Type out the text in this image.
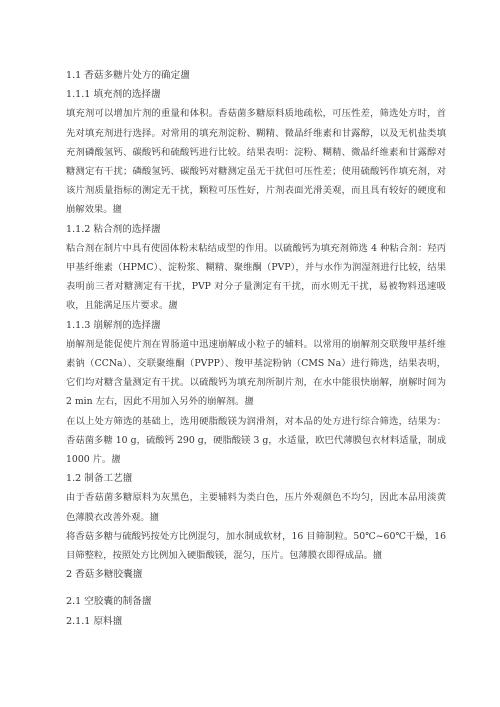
1.1 香菇多糖片处方的确定䀋

1.1.1 填充剂的选择䀋

填充剂可以增加片剂的重量和体积。香菇菌多糖原料质地疏松，可压性差，筛选处方时，首先对填充剂进行选择。对常用的填充剂淀粉、糊精、微晶纤维素和甘露醇，以及无机盐类填充剂磷酸氢钙、碳酸钙和硫酸钙进行比较。结果表明：淀粉、糊精、微晶纤维素和甘露醇对糖测定有干扰；磷酸氢钙、碳酸钙对糖测定虽无干扰但可压性差；使用硫酸钙作填充剂，对该片剂质量指标的测定无干扰，颗粒可压性好，片剂表面光滑美观，而且具有较好的硬度和崩解效果。䀋

1.1.2 粘合剂的选择䀋

粘合剂在制片中具有使固体粉末粘结成型的作用。以硫酸钙为填充剂筛选 4 种粘合剂：羟丙甲基纤维素（HPMC）、淀粉浆、糊精、聚维酮（PVP），并与水作为润湿剂进行比较，结果表明前三者对糖测定有干扰，PVP 对分子量测定有干扰，而水则无干扰，易被物料迅速吸收，且能满足压片要求。䀋

1.1.3 崩解剂的选择䀋

崩解剂是能促使片剂在胃肠道中迅速崩解成小粒子的辅料。以常用的崩解剂交联羧甲基纤维素钠（CCNa）、交联聚维酮（PVPP）、羧甲基淀粉钠（CMS Na）进行筛选，结果表明，它们均对糖含量测定有干扰。以硫酸钙为填充剂所制片剂，在水中能很快崩解，崩解时间为 2 min 左右，因此不用加入另外的崩解剂。䀋

在以上处方筛选的基础上，选用硬脂酸镁为润滑剂，对本品的处方进行综合筛选，结果为：香菇菌多糖 10 g，硫酸钙 290 g，硬脂酸镁 3 g，水适量，欧巴代薄膜包衣材料适量，制成 1000 片。䀋

1.2 制备工艺䀋

由于香菇菌多糖原料为灰黑色，主要辅料为类白色，压片外观颜色不均匀，因此本品用淡黄色薄膜衣改善外观。䀋

将香菇多糖与硫酸钙按处方比例混匀，加水制成软材，16 目筛制粒。50℃~60℃干燥，16 目筛整粒，按照处方比例加入硬脂酸镁，混匀，压片。包薄膜衣即得成品。䀋

2 香菇多糖胶囊䀋

2.1 空胶囊的制备䀋

2.1.1 原料䀋
